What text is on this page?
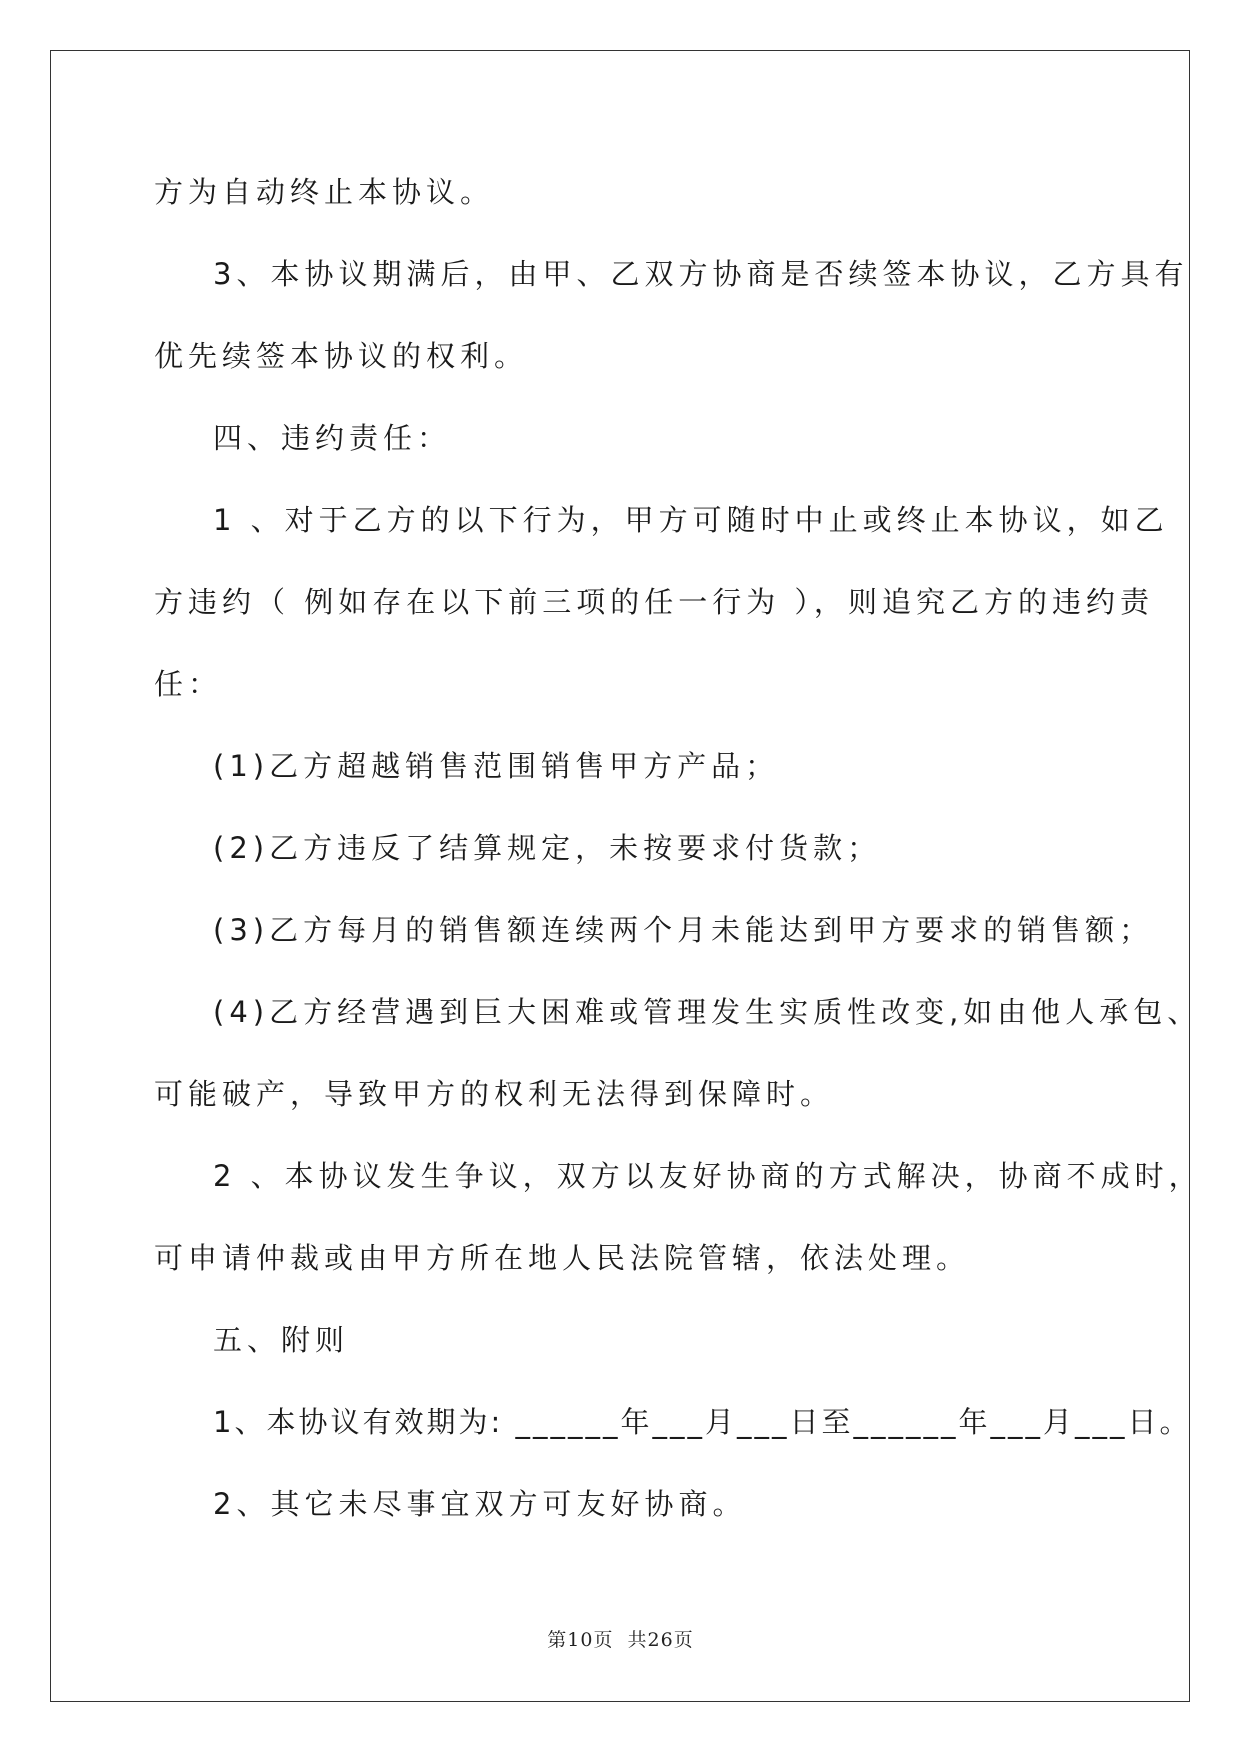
方为自动终止本协议。

3、本协议期满后，由甲、乙双方协商是否续签本协议，乙方具有

优先续签本协议的权利。

四、违约责任：

1 、对于乙方的以下行为，甲方可随时中止或终止本协议，如乙

方违约（ 例如存在以下前三项的任一行为 ），则追究乙方的违约责

任：

(1)乙方超越销售范围销售甲方产品；

(2)乙方违反了结算规定，未按要求付货款；

(3)乙方每月的销售额连续两个月未能达到甲方要求的销售额；

(4)乙方经营遇到巨大困难或管理发生实质性改变,如由他人承包、

可能破产，导致甲方的权利无法得到保障时。

2 、本协议发生争议，双方以友好协商的方式解决，协商不成时，

可申请仲裁或由甲方所在地人民法院管辖，依法处理。

五、附则

1、本协议有效期为: ______年___月___日至______年___月___日。

2、其它未尽事宜双方可友好协商。

第10页  共26页
